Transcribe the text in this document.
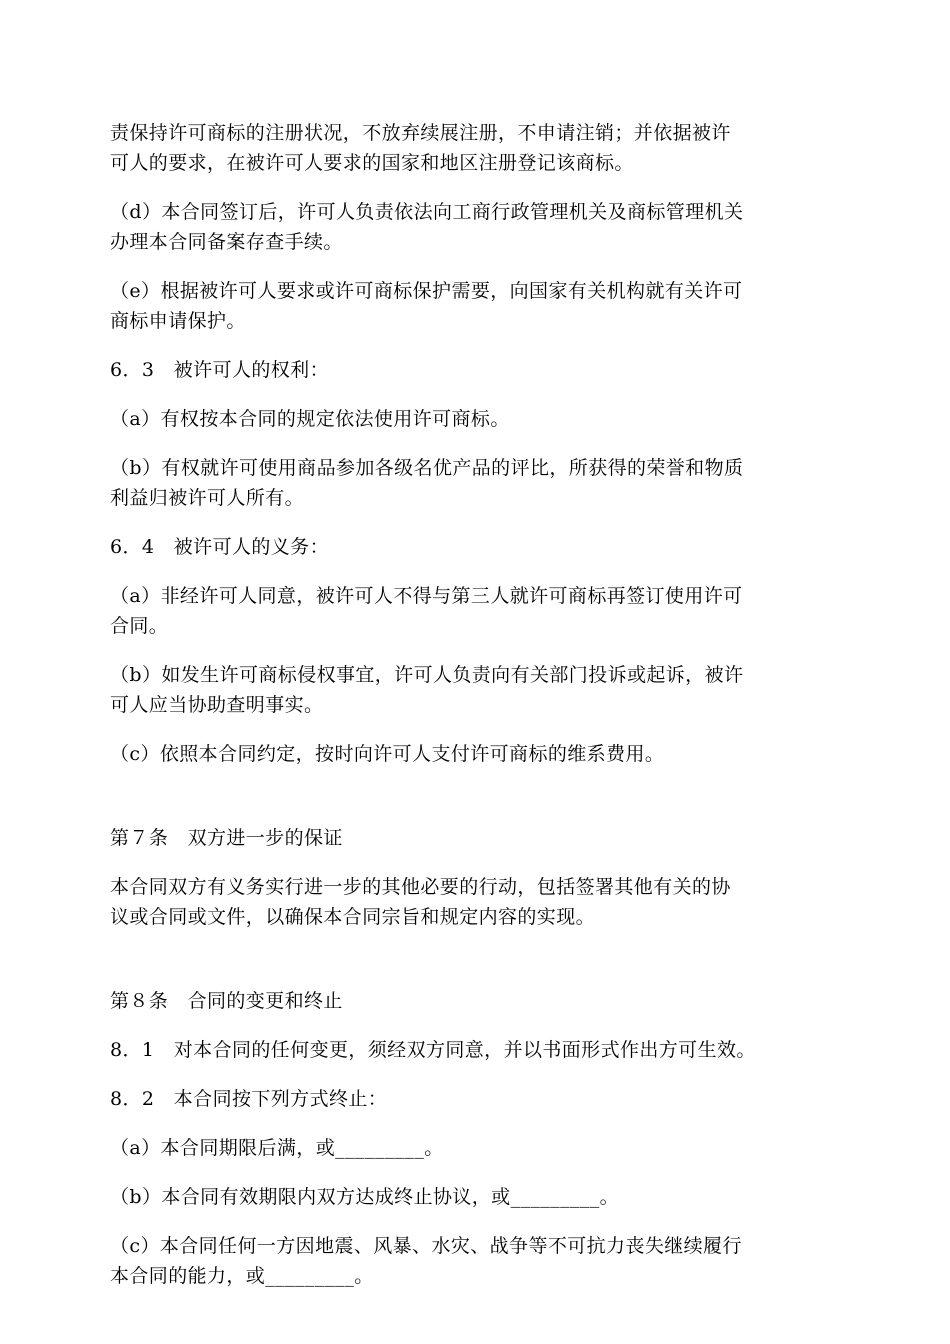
责保持许可商标的注册状况，不放弃续展注册，不申请注销；并依据被许
可人的要求，在被许可人要求的国家和地区注册登记该商标。
（d）本合同签订后，许可人负责依法向工商行政管理机关及商标管理机关
办理本合同备案存查手续。
（e）根据被许可人要求或许可商标保护需要，向国家有关机构就有关许可
商标申请保护。
6．3　被许可人的权利：
（a）有权按本合同的规定依法使用许可商标。
（b）有权就许可使用商品参加各级名优产品的评比，所获得的荣誉和物质
利益归被许可人所有。
6．4　被许可人的义务：
（a）非经许可人同意，被许可人不得与第三人就许可商标再签订使用许可
合同。
（b）如发生许可商标侵权事宜，许可人负责向有关部门投诉或起诉，被许
可人应当协助查明事实。
（c）依照本合同约定，按时向许可人支付许可商标的维系费用。
第７条　双方进一步的保证
本合同双方有义务实行进一步的其他必要的行动，包括签署其他有关的协
议或合同或文件，以确保本合同宗旨和规定内容的实现。
第８条　合同的变更和终止
8．1　对本合同的任何变更，须经双方同意，并以书面形式作出方可生效。
8．2　本合同按下列方式终止：
（a）本合同期限后满，或_________。
（b）本合同有效期限内双方达成终止协议，或_________。
（c）本合同任何一方因地震、风暴、水灾、战争等不可抗力丧失继续履行
本合同的能力，或_________。
